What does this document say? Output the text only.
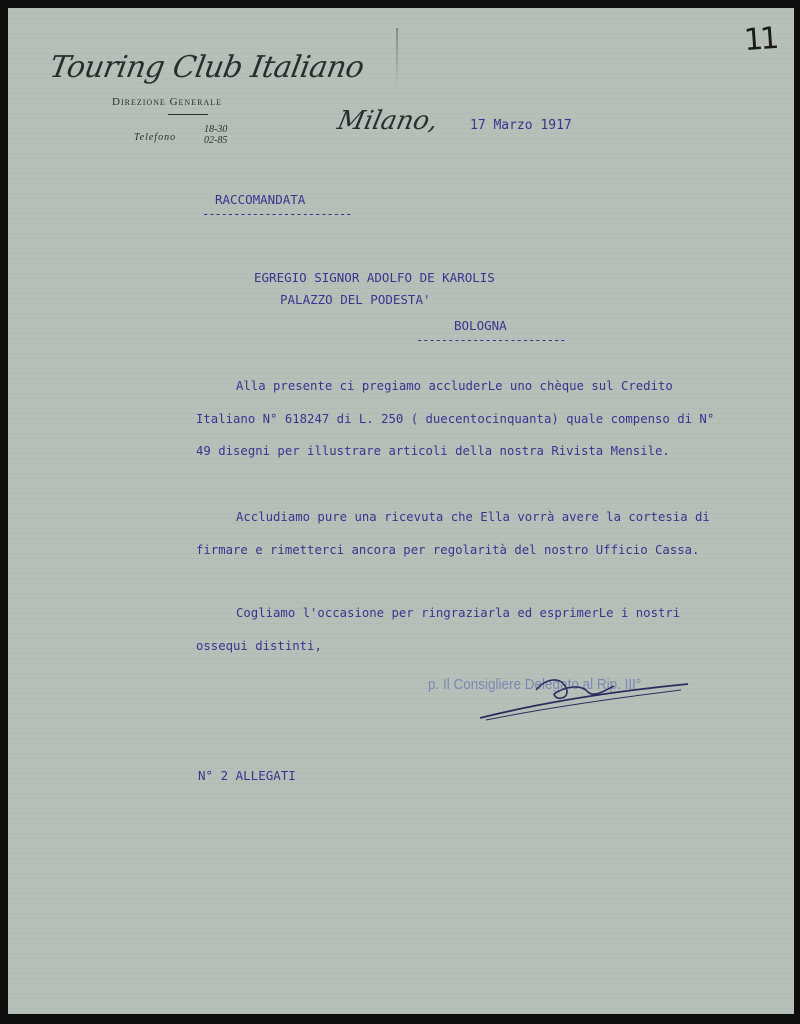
11
Touring Club Italiano
Direzione Generale
Telefono
18-30
02-85
Milano, 17 Marzo 1917
RACCOMANDATA
------------------------
EGREGIO SIGNOR ADOLFO DE KAROLIS
PALAZZO DEL PODESTA'
BOLOGNA
------------------------
Alla presente ci pregiamo accluderLe uno chèque sul Credito Italiano N° 618247 di L. 250 ( duecentocinquanta) quale compenso di N° 49 disegni per illustrare articoli della nostra Rivista Mensile.
Accludiamo pure una ricevuta che Ella vorrà avere la cortesia di firmare e rimetterci ancora per regolarità del nostro Ufficio Cassa.
Cogliamo l'occasione per ringraziarla ed esprimerLe i nostri ossequi distinti,
p. Il Consigliere Delegato al Rip. III°
N° 2 ALLEGATI
